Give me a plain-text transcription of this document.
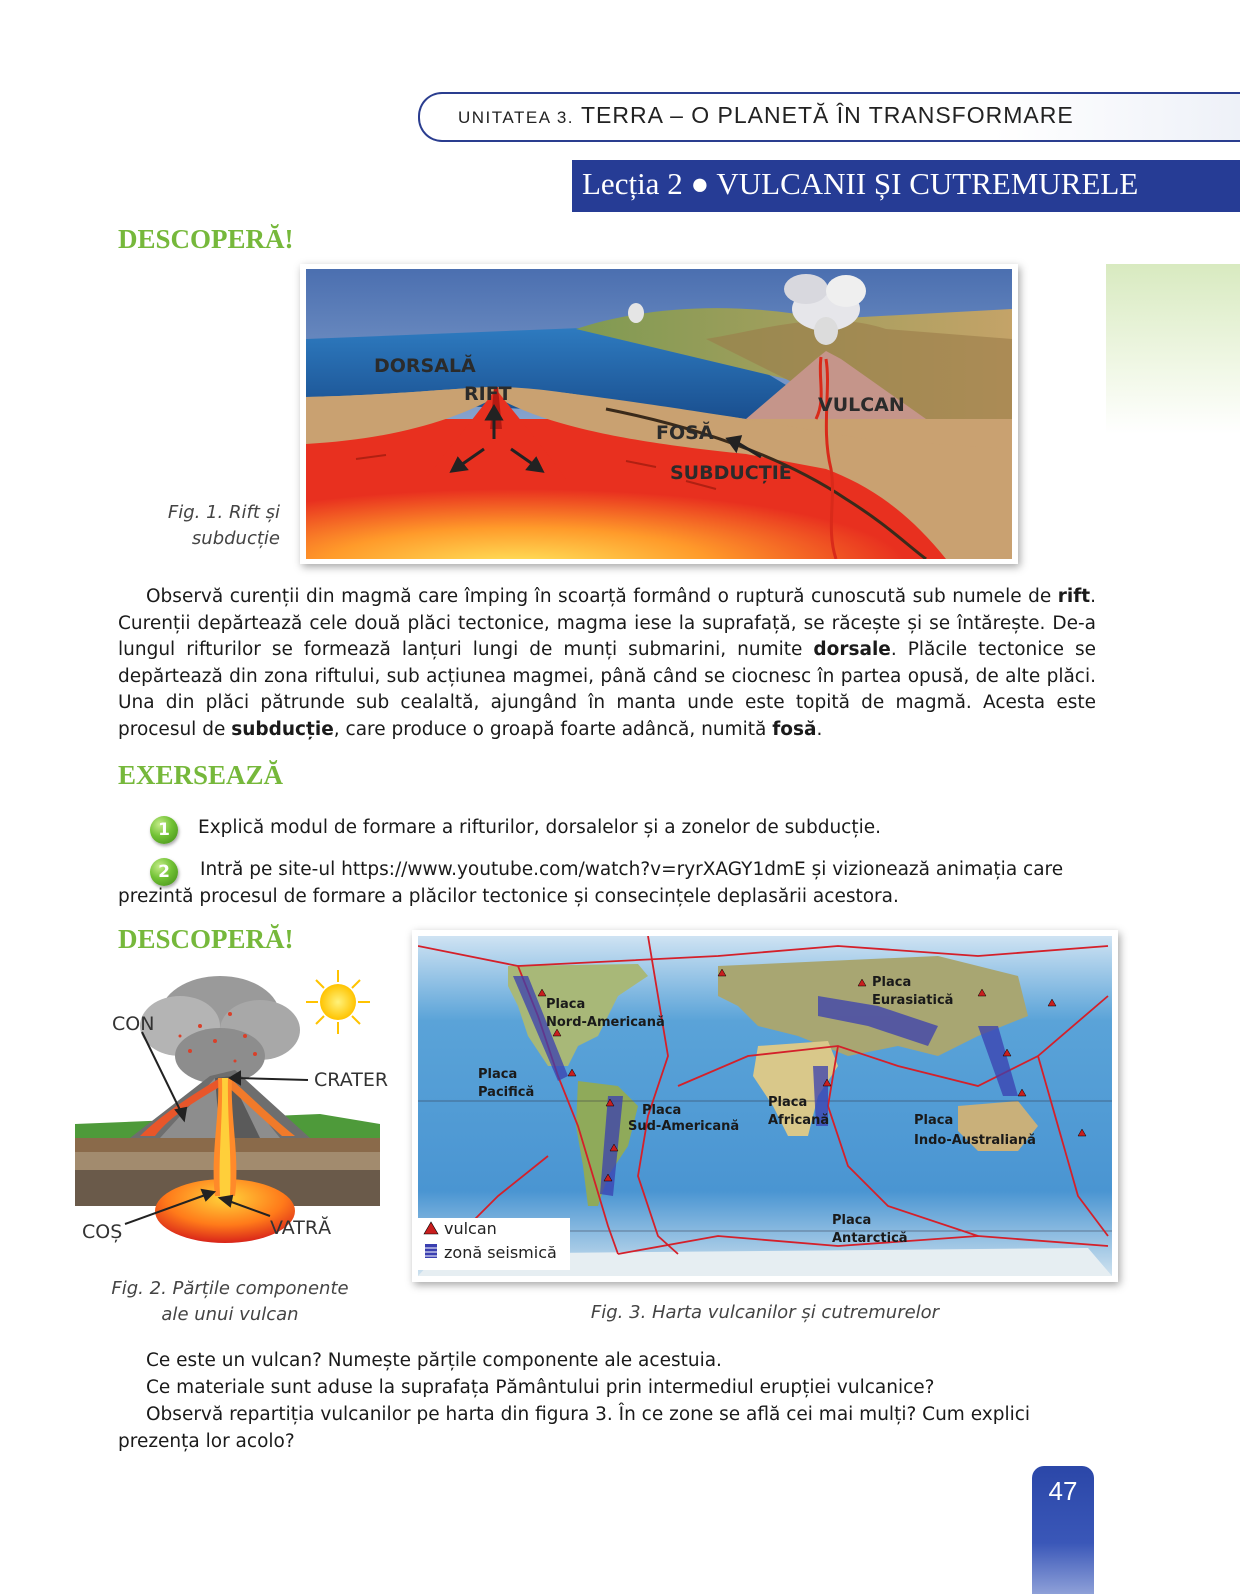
UNITATEA 3. TERRA – O PLANETĂ ÎN TRANSFORMARE
Lecția 2 ● VULCANII ȘI CUTREMURELE
DESCOPERĂ!
DORSALĂ
RIFT	VULCAN
FOSĂ
SUBDUCȚIE
Fig. 1. Rift și
subducție
Observă curenții din magmă care împing în scoarță formând o ruptură cunoscută sub numele de rift. Curenții depărtează cele două plăci tectonice, magma iese la suprafață, se răcește și se întărește. De-a lungul rifturilor se formează lanțuri lungi de munți submarini, numite dorsale. Plăcile tectonice se depărtează din zona riftului, sub acțiunea magmei, până când se ciocnesc în partea opusă, de alte plăci. Una din plăci pătrunde sub cealaltă, ajungând în manta unde este topită de magmă. Acesta este procesul de subducție, care produce o groapă foarte adâncă, numită fosă.
EXERSEAZĂ
1	Explică modul de formare a rifturilor, dorsalelor și a zonelor de subducție.
2	Intră pe site-ul https://www.youtube.com/watch?v=ryrXAGY1dmE și vizionează animația care
prezintă procesul de formare a plăcilor tectonice și consecințele deplasării acestora.
DESCOPERĂ!
CON
CRATER
COȘ	VATRĂ
Fig. 2. Părțile componente
ale unui vulcan
Placa
Nord-Americană
Placa
Eurasiatică
Placa
Pacifică
Placa
Sud-Americană
Placa
Africană	Placa
Indo-Australiană
Placa
Antarctică
vulcan
zonă seismică
Fig. 3. Harta vulcanilor și cutremurelor
Ce este un vulcan? Numește părțile componente ale acestuia.
Ce materiale sunt aduse la suprafața Pământului prin intermediul erupției vulcanice?
Observă repartiția vulcanilor pe harta din figura 3. În ce zone se află cei mai mulți? Cum explici
prezența lor acolo?
47
